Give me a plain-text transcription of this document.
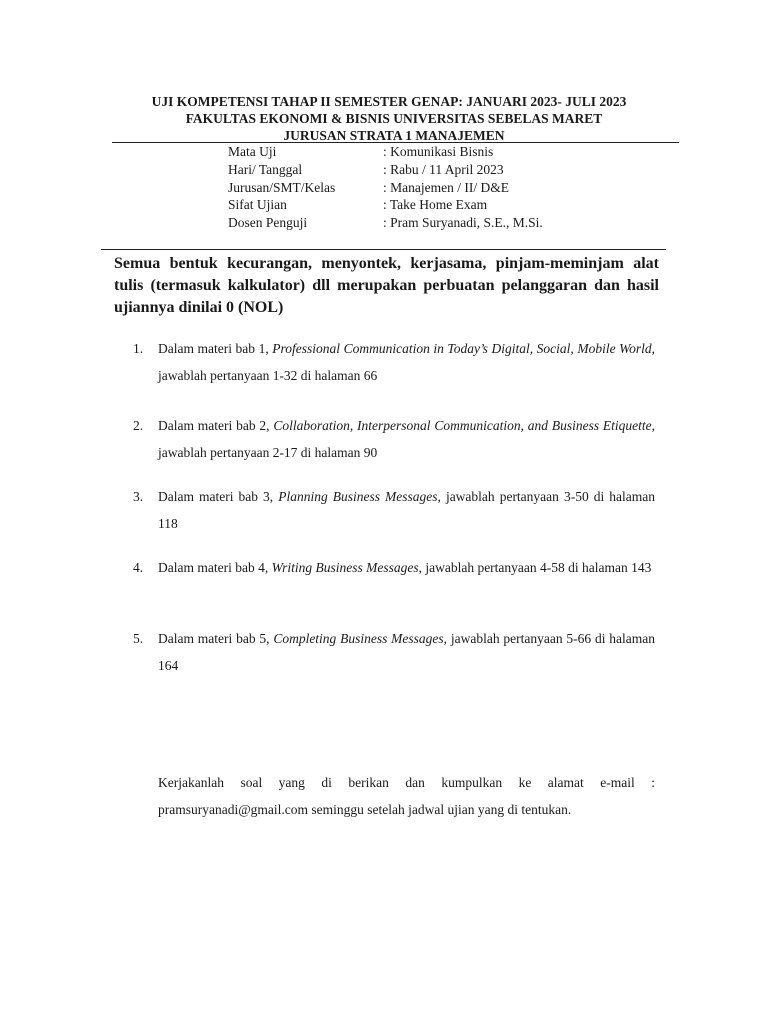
UJI KOMPETENSI TAHAP II SEMESTER GENAP: JANUARI 2023- JULI 2023
FAKULTAS EKONOMI & BISNIS UNIVERSITAS SEBELAS MARET
JURUSAN STRATA 1 MANAJEMEN
Mata Uji	: Komunikasi Bisnis
Hari/ Tanggal	: Rabu / 11 April 2023
Jurusan/SMT/Kelas	: Manajemen / II/ D&E
Sifat Ujian	: Take Home Exam
Dosen Penguji	: Pram Suryanadi, S.E., M.Si.
Semua bentuk kecurangan, menyontek, kerjasama, pinjam-meminjam alat tulis (termasuk kalkulator) dll merupakan perbuatan pelanggaran dan hasil ujiannya dinilai 0 (NOL)
1.	Dalam materi bab 1, Professional Communication in Today’s Digital, Social, Mobile World, jawablah pertanyaan 1-32 di halaman 66
2.	Dalam materi bab 2, Collaboration, Interpersonal Communication, and Business Etiquette, jawablah pertanyaan 2-17 di halaman 90
3.	Dalam materi bab 3, Planning Business Messages, jawablah pertanyaan 3-50 di halaman 118
4.	Dalam materi bab 4, Writing Business Messages, jawablah pertanyaan 4-58 di halaman 143
5.	Dalam materi bab 5, Completing Business Messages, jawablah pertanyaan 5-66 di halaman 164
Kerjakanlah soal yang di berikan dan kumpulkan ke alamat e-mail : pramsuryanadi@gmail.com seminggu setelah jadwal ujian yang di tentukan.
